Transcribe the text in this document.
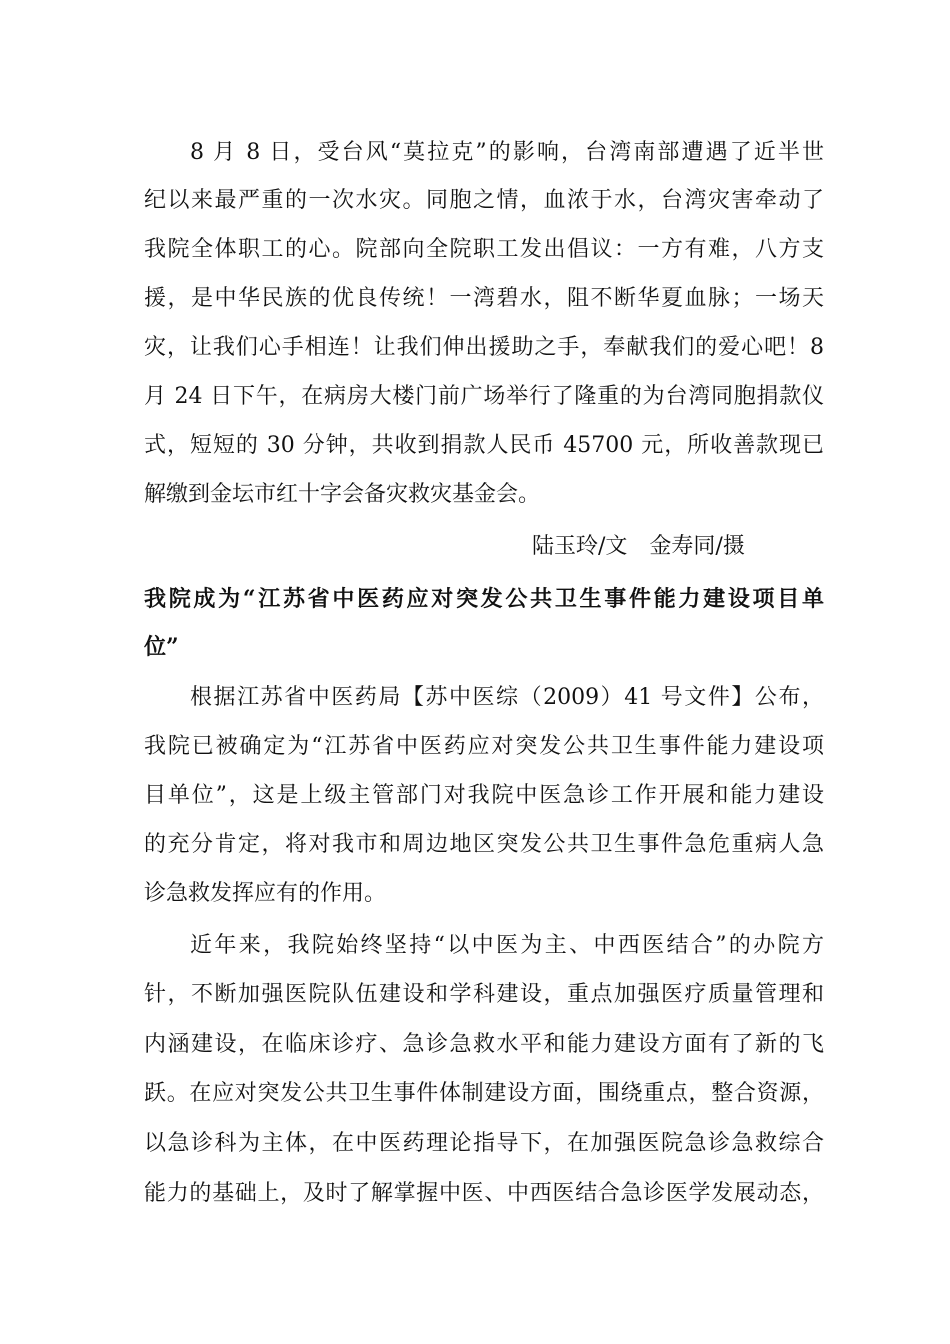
8 月 8 日，受台风“莫拉克”的影响，台湾南部遭遇了近半世
纪以来最严重的一次水灾。同胞之情，血浓于水，台湾灾害牵动了
我院全体职工的心。院部向全院职工发出倡议：一方有难，八方支
援，是中华民族的优良传统！一湾碧水，阻不断华夏血脉；一场天
灾，让我们心手相连！让我们伸出援助之手，奉献我们的爱心吧！8
月 24 日下午，在病房大楼门前广场举行了隆重的为台湾同胞捐款仪
式，短短的 30 分钟，共收到捐款人民币 45700 元，所收善款现已
解缴到金坛市红十字会备灾救灾基金会。
陆玉玲/文　金寿同/摄
我院成为“江苏省中医药应对突发公共卫生事件能力建设项目单
位”
根据江苏省中医药局【苏中医综（2009）41 号文件】公布，
我院已被确定为“江苏省中医药应对突发公共卫生事件能力建设项
目单位”，这是上级主管部门对我院中医急诊工作开展和能力建设
的充分肯定，将对我市和周边地区突发公共卫生事件急危重病人急
诊急救发挥应有的作用。
近年来，我院始终坚持“以中医为主、中西医结合”的办院方
针，不断加强医院队伍建设和学科建设，重点加强医疗质量管理和
内涵建设，在临床诊疗、急诊急救水平和能力建设方面有了新的飞
跃。在应对突发公共卫生事件体制建设方面，围绕重点，整合资源，
以急诊科为主体，在中医药理论指导下，在加强医院急诊急救综合
能力的基础上，及时了解掌握中医、中西医结合急诊医学发展动态，
